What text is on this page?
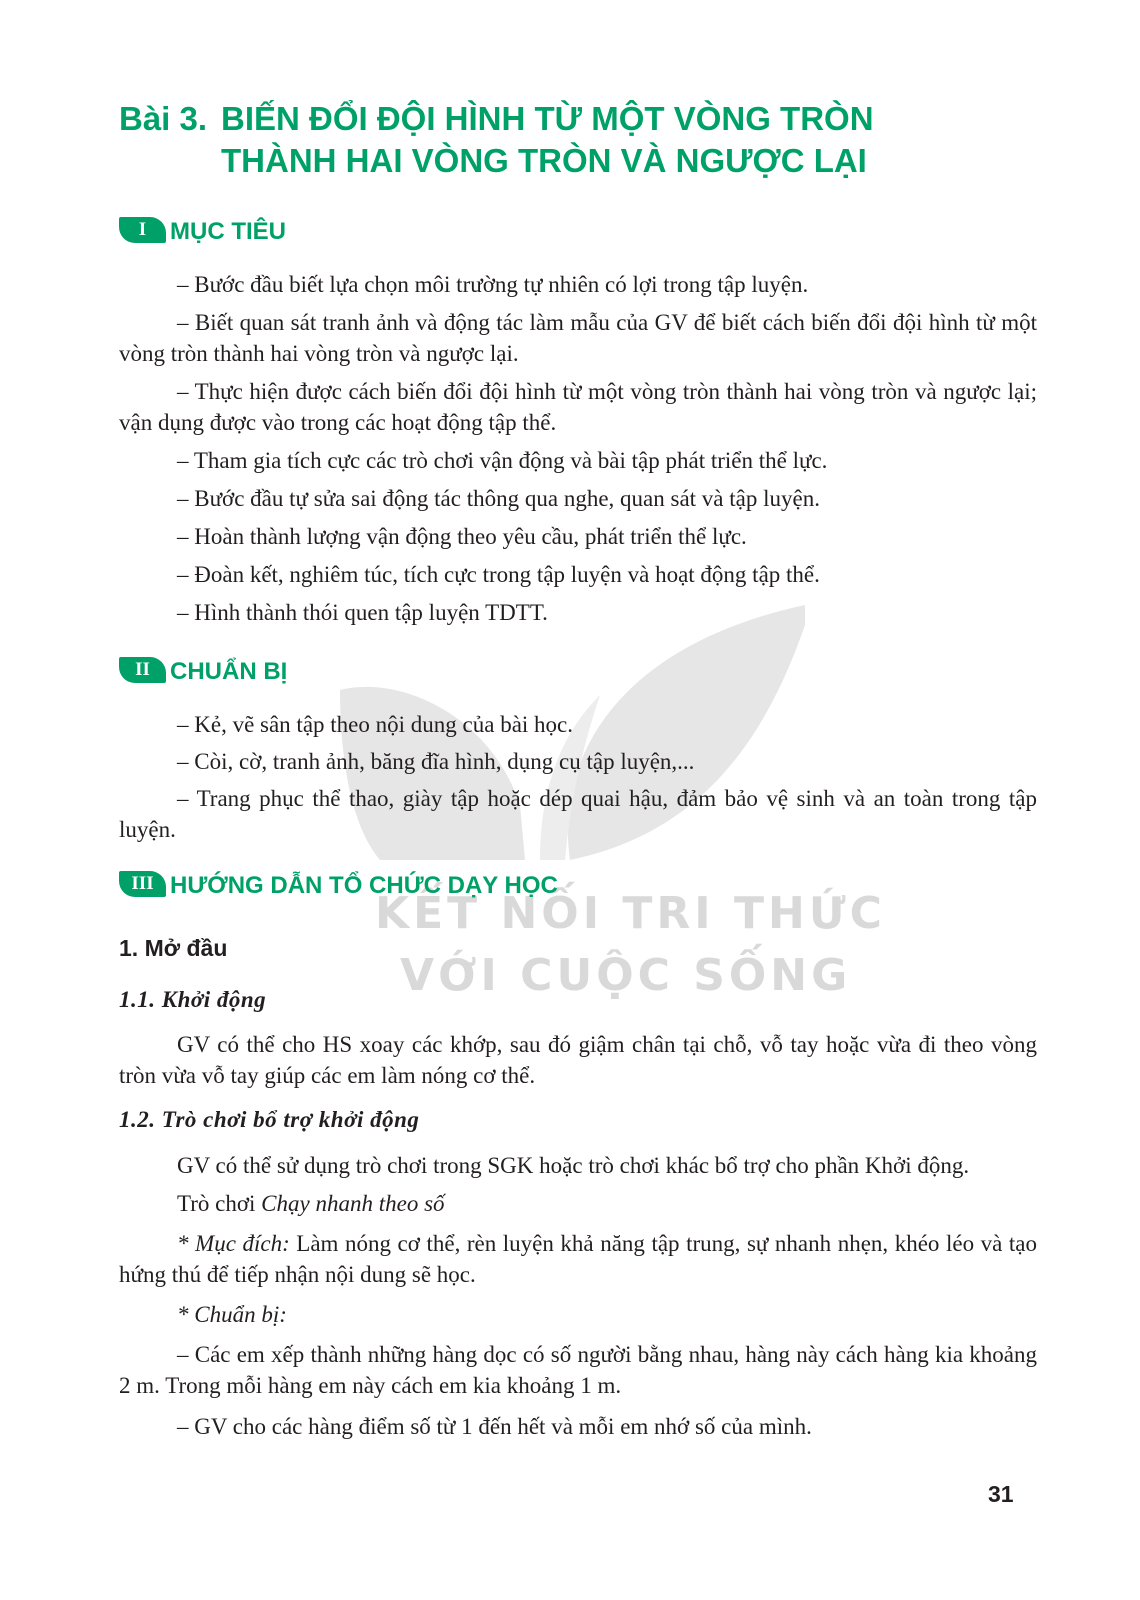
KẾT NỐI TRI THỨC
VỚI CUỘC SỐNG
Bài 3. BIẾN ĐỔI ĐỘI HÌNH TỪ MỘT VÒNG TRÒN
THÀNH HAI VÒNG TRÒN VÀ NGƯỢC LẠI
I MỤC TIÊU

– Bước đầu biết lựa chọn môi trường tự nhiên có lợi trong tập luyện.

– Biết quan sát tranh ảnh và động tác làm mẫu của GV để biết cách biến đổi đội hình từ một vòng tròn thành hai vòng tròn và ngược lại.

– Thực hiện được cách biến đổi đội hình từ một vòng tròn thành hai vòng tròn và ngược lại; vận dụng được vào trong các hoạt động tập thể.

– Tham gia tích cực các trò chơi vận động và bài tập phát triển thể lực.

– Bước đầu tự sửa sai động tác thông qua nghe, quan sát và tập luyện.

– Hoàn thành lượng vận động theo yêu cầu, phát triển thể lực.

– Đoàn kết, nghiêm túc, tích cực trong tập luyện và hoạt động tập thể.

– Hình thành thói quen tập luyện TDTT.

II CHUẨN BỊ

– Kẻ, vẽ sân tập theo nội dung của bài học.

– Còi, cờ, tranh ảnh, băng đĩa hình, dụng cụ tập luyện,...

– Trang phục thể thao, giày tập hoặc dép quai hậu, đảm bảo vệ sinh và an toàn trong tập luyện.

III HƯỚNG DẪN TỔ CHỨC DẠY HỌC
1. Mở đầu
1.1. Khởi động

GV có thể cho HS xoay các khớp, sau đó giậm chân tại chỗ, vỗ tay hoặc vừa đi theo vòng tròn vừa vỗ tay giúp các em làm nóng cơ thể.

1.2. Trò chơi bổ trợ khởi động

GV có thể sử dụng trò chơi trong SGK hoặc trò chơi khác bổ trợ cho phần Khởi động.

Trò chơi Chạy nhanh theo số

* Mục đích: Làm nóng cơ thể, rèn luyện khả năng tập trung, sự nhanh nhẹn, khéo léo và tạo hứng thú để tiếp nhận nội dung sẽ học.

* Chuẩn bị:

– Các em xếp thành những hàng dọc có số người bằng nhau, hàng này cách hàng kia khoảng 2 m. Trong mỗi hàng em này cách em kia khoảng 1 m.

– GV cho các hàng điểm số từ 1 đến hết và mỗi em nhớ số của mình.

31
